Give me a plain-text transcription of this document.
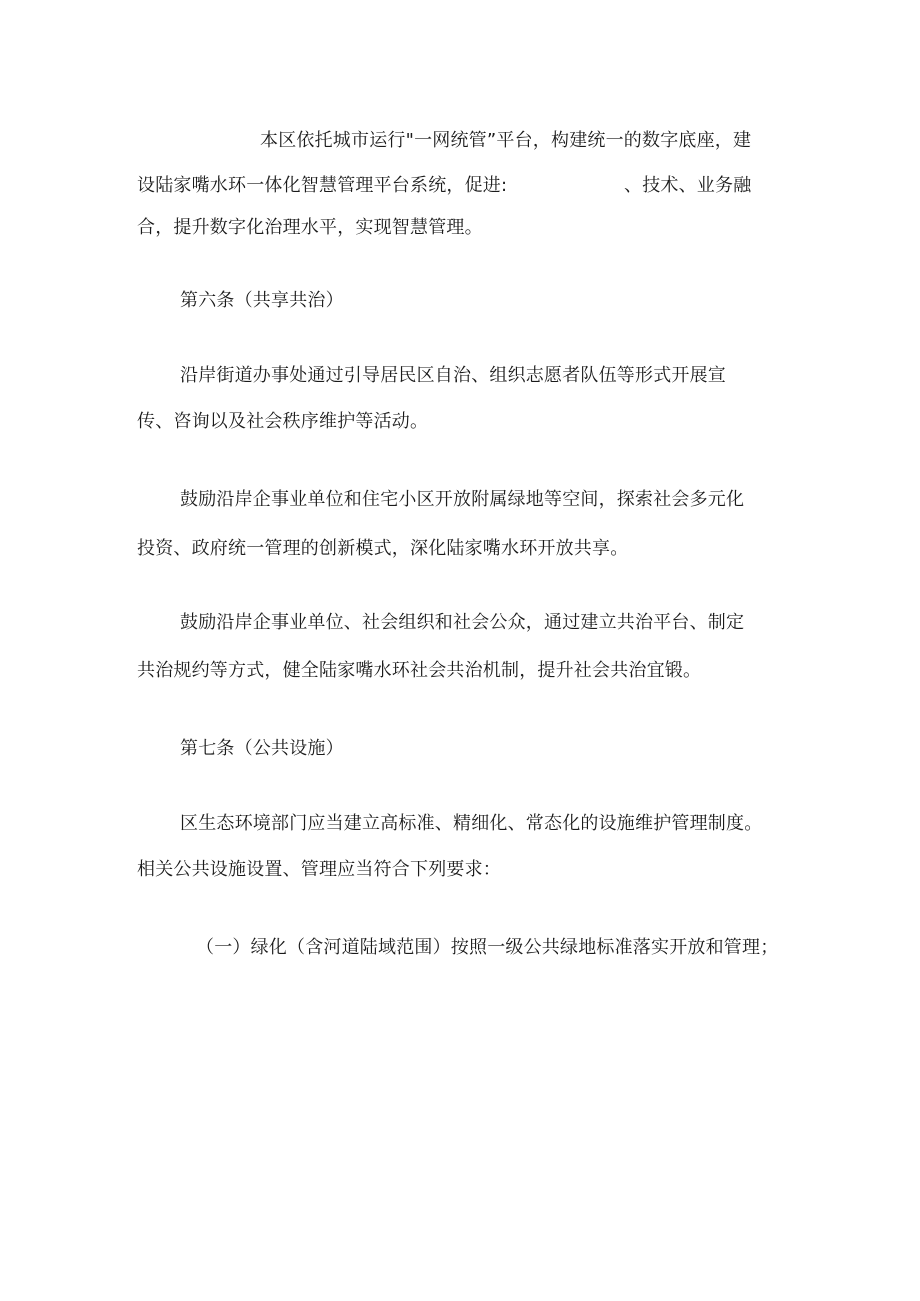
本区依托城市运行"一网统管”平台，构建统一的数字底座，建
设陆家嘴水环一体化智慧管理平台系统，促进:	、技术、业务融
合，提升数字化治理水平，实现智慧管理。
第六条（共享共治）
沿岸街道办事处通过引导居民区自治、组织志愿者队伍等形式开展宣
传、咨询以及社会秩序维护等活动。
鼓励沿岸企事业单位和住宅小区开放附属绿地等空间，探索社会多元化
投资、政府统一管理的创新模式，深化陆家嘴水环开放共享。
鼓励沿岸企事业单位、社会组织和社会公众，通过建立共治平台、制定
共治规约等方式，健全陆家嘴水环社会共治机制，提升社会共治宜锻。
第七条（公共设施）
区生态环境部门应当建立高标准、精细化、常态化的设施维护管理制度。
相关公共设施设置、管理应当符合下列要求：
（一）绿化（含河道陆域范围）按照一级公共绿地标准落实开放和管理；
